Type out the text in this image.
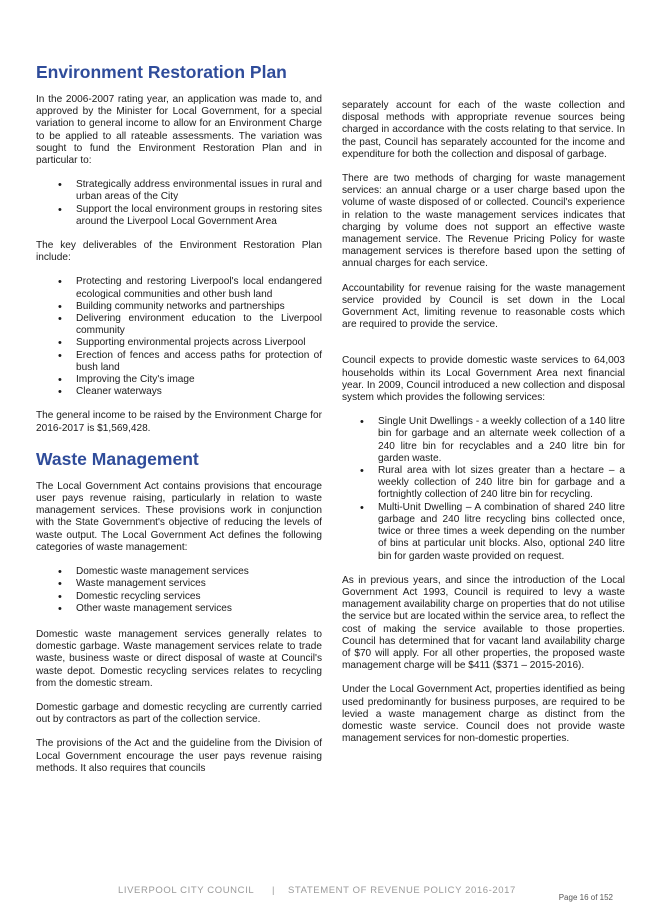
Environment Restoration Plan

In the 2006-2007 rating year, an application was made to, and approved by the Minister for Local Government, for a special variation to general income to allow for an Environment Charge to be applied to all rateable assessments. The variation was sought to fund the Environment Restoration Plan and in particular to:

• Strategically address environmental issues in rural and urban areas of the City
• Support the local environment groups in restoring sites around the Liverpool Local Government Area

The key deliverables of the Environment Restoration Plan include:

• Protecting and restoring Liverpool's local endangered ecological communities and other bush land
• Building community networks and partnerships
• Delivering environment education to the Liverpool community
• Supporting environmental projects across Liverpool
• Erection of fences and access paths for protection of bush land
• Improving the City's image
• Cleaner waterways

The general income to be raised by the Environment Charge for 2016-2017 is $1,569,428.

Waste Management

The Local Government Act contains provisions that encourage user pays revenue raising, particularly in relation to waste management services. These provisions work in conjunction with the State Government's objective of reducing the levels of waste output. The Local Government Act defines the following categories of waste management:

• Domestic waste management services
• Waste management services
• Domestic recycling services
• Other waste management services

Domestic waste management services generally relates to domestic garbage. Waste management services relate to trade waste, business waste or direct disposal of waste at Council's waste depot. Domestic recycling services relates to recycling from the domestic stream.

Domestic garbage and domestic recycling are currently carried out by contractors as part of the collection service.

The provisions of the Act and the guideline from the Division of Local Government encourage the user pays revenue raising methods. It also requires that councils

separately account for each of the waste collection and disposal methods with appropriate revenue sources being charged in accordance with the costs relating to that service. In the past, Council has separately accounted for the income and expenditure for both the collection and disposal of garbage.

There are two methods of charging for waste management services: an annual charge or a user charge based upon the volume of waste disposed of or collected. Council's experience in relation to the waste management services indicates that charging by volume does not support an effective waste management service. The Revenue Pricing Policy for waste management services is therefore based upon the setting of annual charges for each service.

Accountability for revenue raising for the waste management service provided by Council is set down in the Local Government Act, limiting revenue to reasonable costs which are required to provide the service.

Council expects to provide domestic waste services to 64,003 households within its Local Government Area next financial year. In 2009, Council introduced a new collection and disposal system which provides the following services:

• Single Unit Dwellings - a weekly collection of a 140 litre bin for garbage and an alternate week collection of a 240 litre bin for recyclables and a 240 litre bin for garden waste.
• Rural area with lot sizes greater than a hectare – a weekly collection of 240 litre bin for garbage and a fortnightly collection of 240 litre bin for recycling.
• Multi-Unit Dwelling – A combination of shared 240 litre garbage and 240 litre recycling bins collected once, twice or three times a week depending on the number of bins at particular unit blocks. Also, optional 240 litre bin for garden waste provided on request.

As in previous years, and since the introduction of the Local Government Act 1993, Council is required to levy a waste management availability charge on properties that do not utilise the service but are located within the service area, to reflect the cost of making the service available to those properties. Council has determined that for vacant land availability charge of $70 will apply. For all other properties, the proposed waste management charge will be $411 ($371 – 2015-2016).

Under the Local Government Act, properties identified as being used predominantly for business purposes, are required to be levied a waste management charge as distinct from the domestic waste service. Council does not provide waste management services for non-domestic properties.

LIVERPOOL CITY COUNCIL | STATEMENT OF REVENUE POLICY 2016-2017
Page 16 of 152
